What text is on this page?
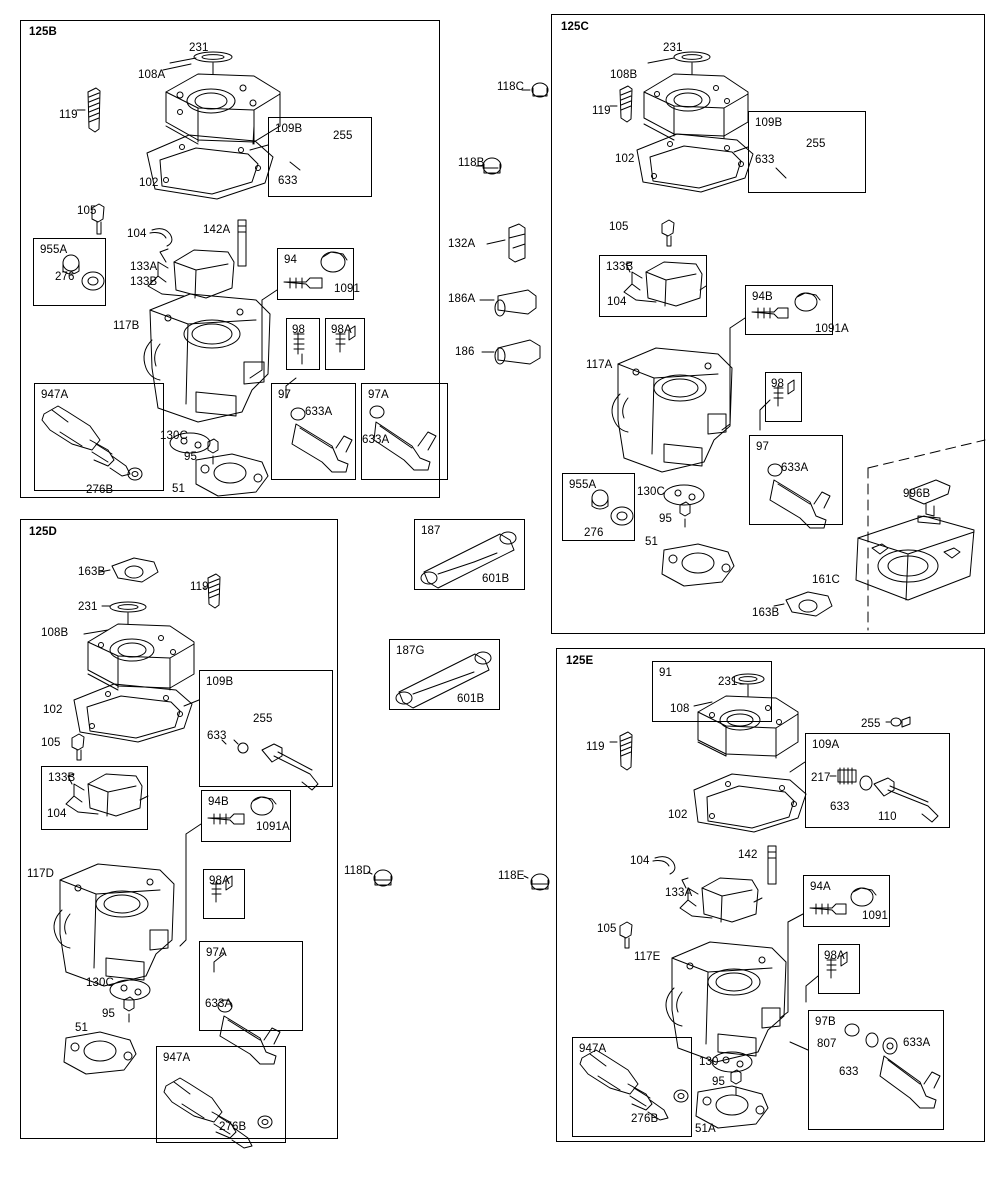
125B	125C
125D
125E
109B
955A
94
98 98A
947A	97	97A
109B
133B
94B
98
97
955A
187
187G
109B
133B
94B
98A
97A
947A
91
109A
94A
98A
97B
947A
231
108A
119
255
633
102
105
104	142A
133A
133B
276
1091
117B
633A
633A
130C
95
51
276B
118C
118B
132A
186A
186
231
108B
119
255
633
102
105
104
1091A
117A
633A
130C
276
95
51
996B
161C
163B
601B
601B
163B
119
231
108B
102
105
633
255
104
1091A
117D
130C
633A
95
51
276B
118D	118E
231
108
255
119
217
633
110
102
104	142
133A
1091
105
117E
807	633A
633
130
95
276B
51A
